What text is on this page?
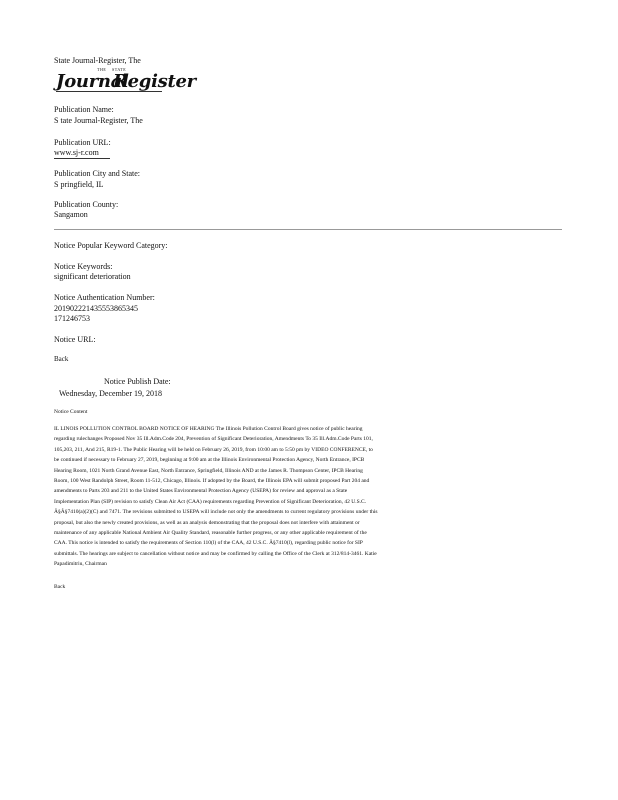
State Journal-Register, The
THE STATE
Journal
Register
Publication Name:
S tate Journal-Register, The
Publication URL:
www.sj-r.com
Publication City and State:
S pringfield, IL
Publication County:
Sangamon
Notice Popular Keyword Category:
Notice Keywords:
significant deterioration
Notice Authentication Number:
201902221435553865345
171246753
Notice URL:
Back
Notice Publish Date:
Wednesday, December 19, 2018
Notice Content
IL LINOIS POLLUTION CONTROL BOARD NOTICE OF HEARING The Illinois Pollution Control Board gives notice of public hearing regarding rulechanges Proposed Nov 35 Ill.Adm.Code 204, Prevention of Significant Deterioration, Amendments To 35 Ill.Adm.Code Parts 101, 105,203, 211, And 215, R19-1. The Public Hearing will be held on February 26, 2019, from 10:00 am to 5:50 pm by VIDEO CONFERENCE, to be continued if necessary to February 27, 2019, beginning at 9:00 am at the Illinois Environmental Protection Agency, North Entrance, IPCB Hearing Room, 1021 North Grand Avenue East, North Entrance, Springfield, Illinois AND at the James R. Thompson Center, IPCB Hearing Room, 100 West Randolph Street, Room 11-512, Chicago, Illinois. If adopted by the Board, the Illinois EPA will submit proposed Part 204 and amendments to Parts 203 and 211 to the United States Environmental Protection Agency (USEPA) for review and approval as a State Implementation Plan (SIP) revision to satisfy Clean Air Act (CAA) requirements regarding Prevention of Significant Deterioration, 42 U.S.C. Â§Â§7410(a)(2)(C) and 7471. The revisions submitted to USEPA will include not only the amendments to current regulatory provisions under this proposal, but also the newly created provisions, as well as an analysis demonstrating that the proposal does not interfere with attainment or maintenance of any applicable National Ambient Air Quality Standard, reasonable further progress, or any other applicable requirement of the CAA. This notice is intended to satisfy the requirements of Section 110(l) of the CAA, 42 U.S.C. Â§7410(l), regarding public notice for SIP submittals. The hearings are subject to cancellation without notice and may be confirmed by calling the Office of the Clerk at 312/814-3461. Katie Papadimitriu, Chairman
Back
